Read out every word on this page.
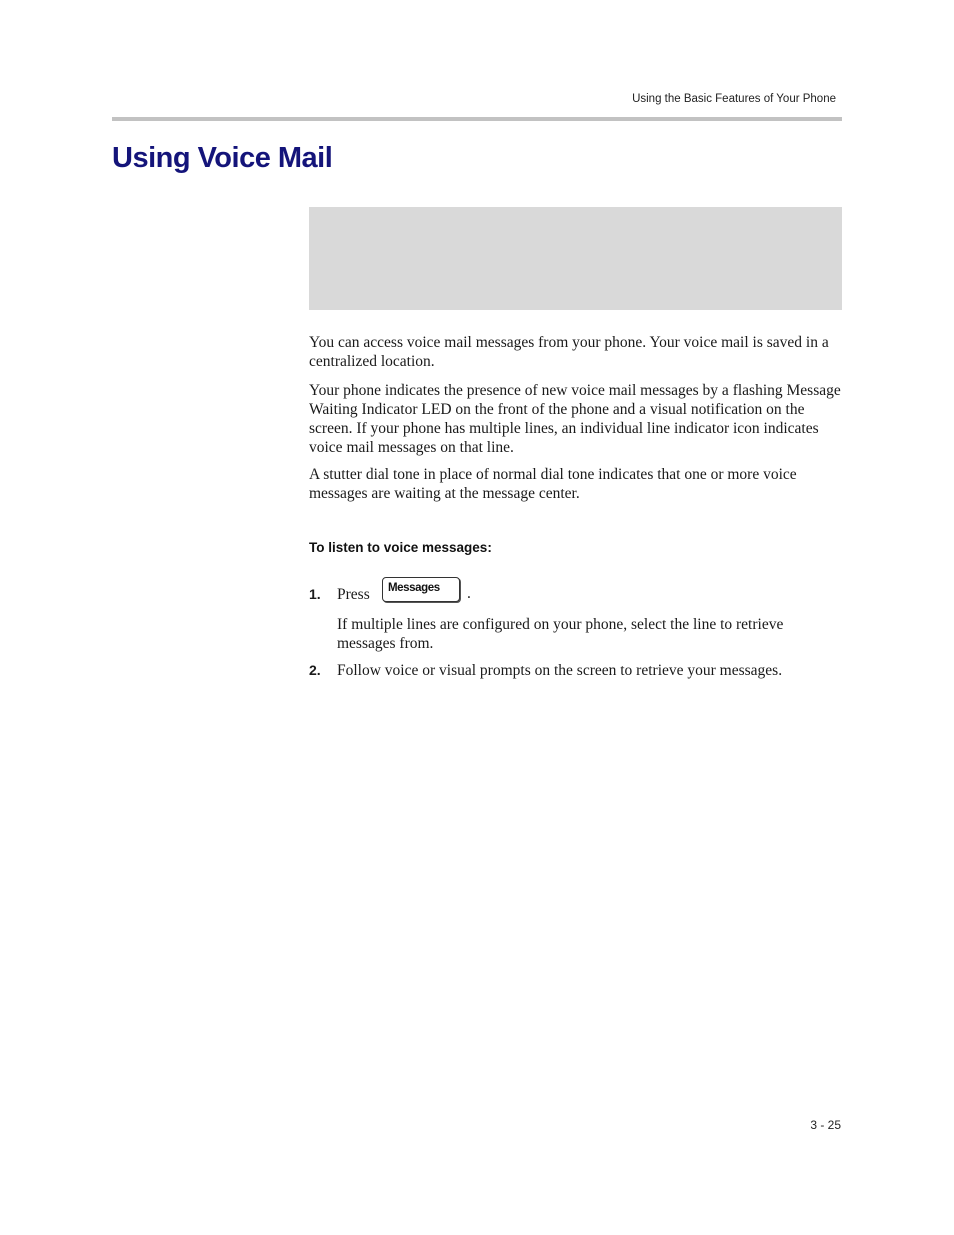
Using the Basic Features of Your Phone
Using Voice Mail

You can access voice mail messages from your phone. Your voice mail is saved in a centralized location.

Your phone indicates the presence of new voice mail messages by a flashing Message Waiting Indicator LED on the front of the phone and a visual notification on the screen. If your phone has multiple lines, an individual line indicator icon indicates voice mail messages on that line.

A stutter dial tone in place of normal dial tone indicates that one or more voice messages are waiting at the message center.

To listen to voice messages:
1. Press	Messages	.
If multiple lines are configured on your phone, select the line to retrieve messages from.
2. Follow voice or visual prompts on the screen to retrieve your messages.
3 - 25
